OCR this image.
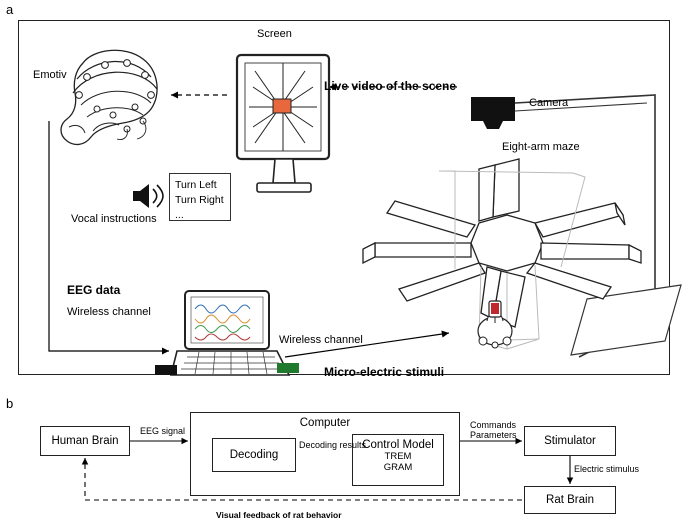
a
b
Emotiv
Screen
Live video of the scene
Camera
Eight-arm maze
Turn Left
Turn Right
...
Vocal instructions
EEG data
Wireless channel
Wireless channel
Micro-electric stimuli
Human Brain
Computer
Decoding
Control Model
TREM
GRAM
Stimulator
Rat Brain
EEG signal
Decoding results
Commands
Parameters
Electric stimulus
Visual feedback of rat behavior
